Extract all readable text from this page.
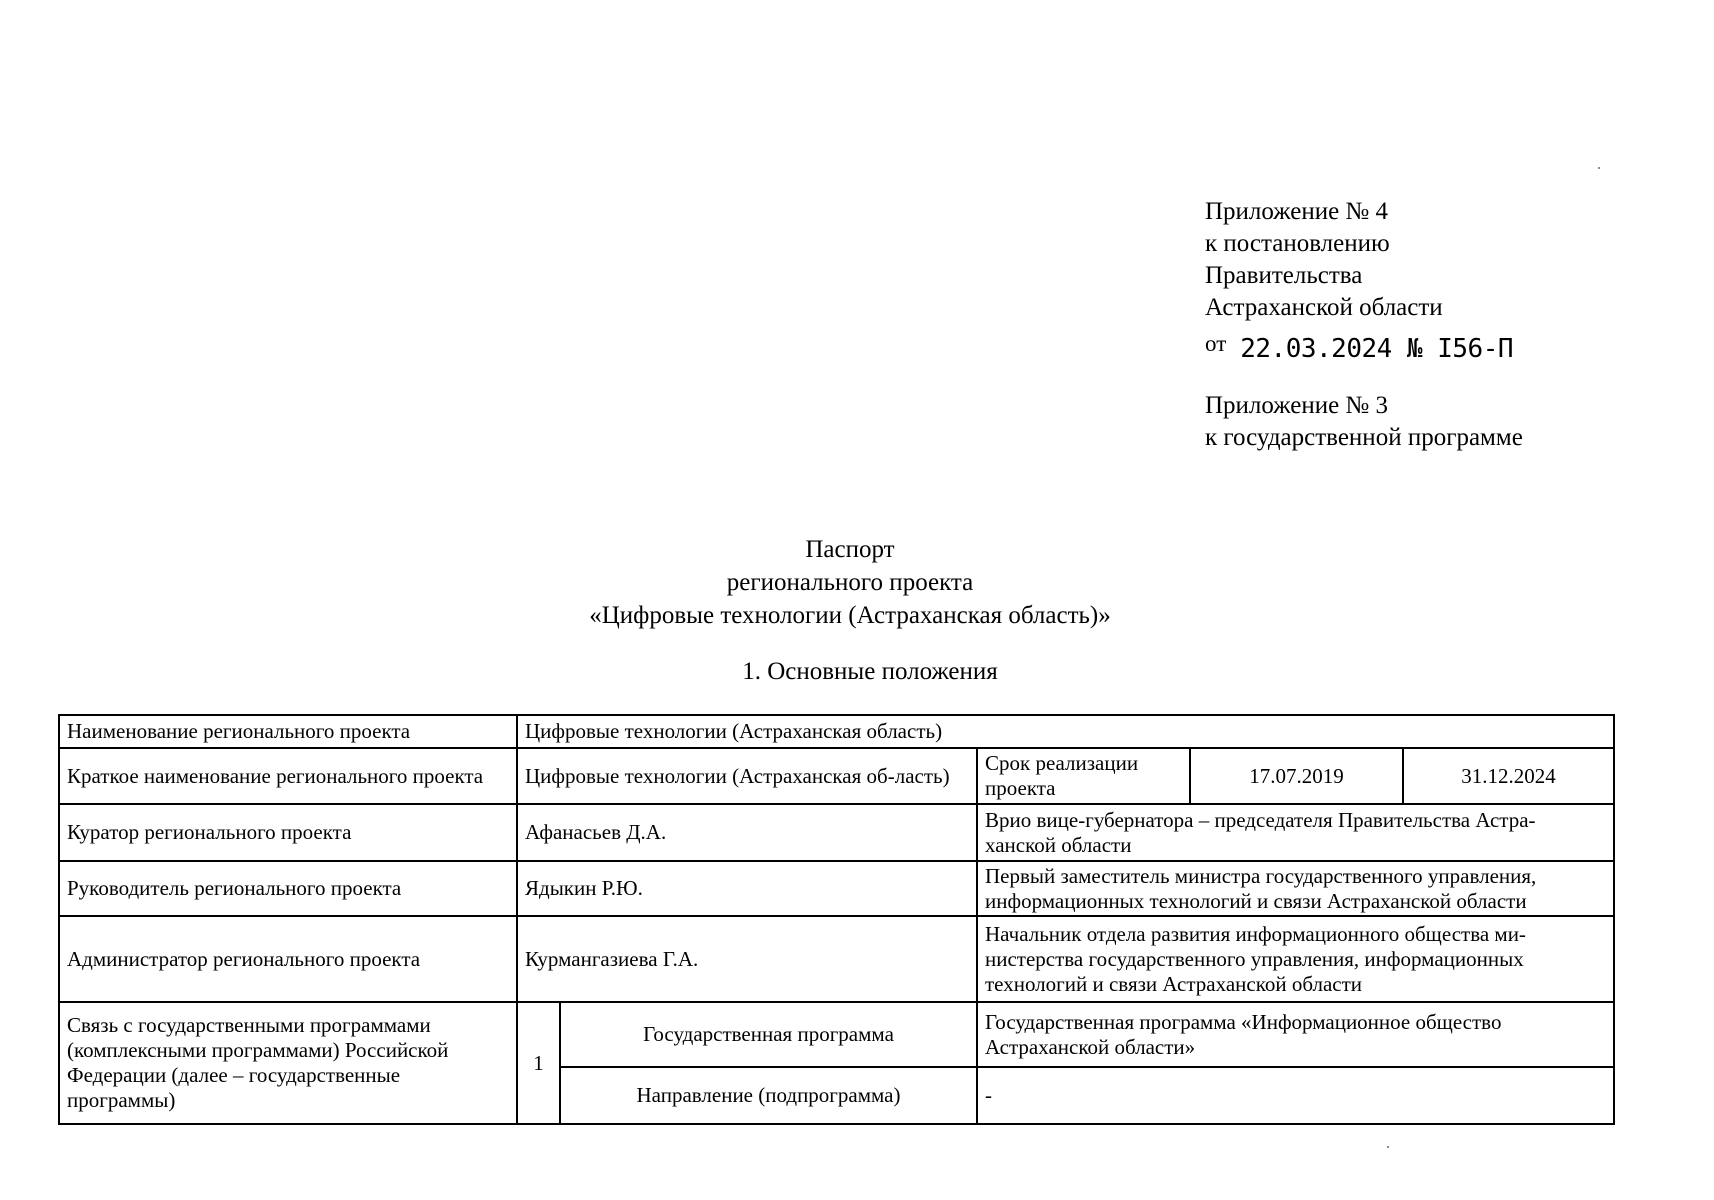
Приложение № 4
к постановлению
Правительства
Астраханской области
от 22.03.2024 № I56-П
Приложение № 3
к государственной программе
Паспорт
регионального проекта
«Цифровые технологии (Астраханская область)»
1. Основные положения
Наименование регионального проекта	Цифровые технологии (Астраханская область)				
Краткое наименование регионального проекта	Цифровые технологии (Астраханская об-ласть)		Срок реализации проекта	17.07.2019	31.12.2024
Куратор регионального проекта	Афанасьев Д.А.		Врио вице-губернатора – председателя Правительства Астра-ханской области		
Руководитель регионального проекта	Ядыкин Р.Ю.		Первый заместитель министра государственного управления, информационных технологий и связи Астраханской области		
Администратор регионального проекта	Курмангазиева Г.А.		Начальник отдела развития информационного общества ми-нистерства государственного управления, информационных технологий и связи Астраханской области		
Связь с государственными программами (комплексными программами) Российской Федерации (далее – государственные программы)	1	Государственная программа	Государственная программа «Информационное общество Астраханской области»		
		Направление (подпрограмма)	-		
